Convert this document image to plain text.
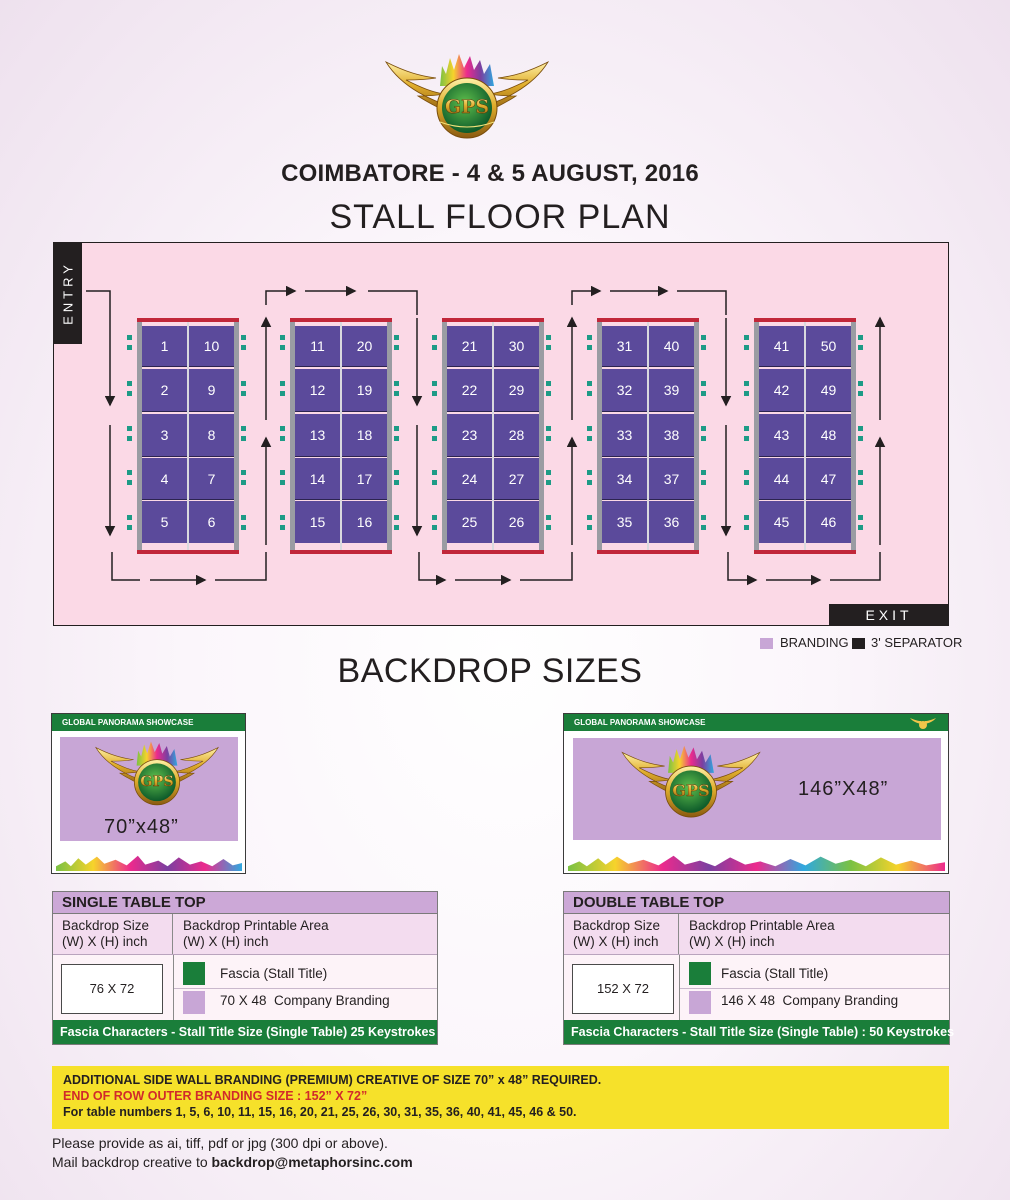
GPS
COIMBATORE - 4 & 5 AUGUST, 2016
STALL FLOOR PLAN
ENTRY
EXIT
1
2
3
4
5
10
9
8
7
6
11
12
13
14
15
20
19
18
17
16
21
22
23
24
25
30
29
28
27
26
31
32
33
34
35
40
39
38
37
36
41
42
43
44
45
50
49
48
47
46
BRANDING 3' SEPARATOR
BACKDROP SIZES
GLOBAL PANORAMA SHOWCASE
GPS
70”x48”
GLOBAL PANORAMA SHOWCASE
GPS	146”X48”
SINGLE TABLE TOP
Backdrop Size
(W) X (H) inch
Backdrop Printable Area
(W) X (H) inch
76 X 72
Fascia (Stall Title)
70 X 48  Company Branding
Fascia Characters - Stall Title Size (Single Table) 25 Keystrokes
DOUBLE TABLE TOP
Backdrop Size
(W) X (H) inch
Backdrop Printable Area
(W) X (H) inch
152 X 72
Fascia (Stall Title)
146 X 48  Company Branding
Fascia Characters - Stall Title Size (Single Table) : 50 Keystrokes
ADDITIONAL SIDE WALL BRANDING (PREMIUM) CREATIVE OF SIZE 70” x 48” REQUIRED.
END OF ROW OUTER BRANDING SIZE : 152” X 72”
For table numbers 1, 5, 6, 10, 11, 15, 16, 20, 21, 25, 26, 30, 31, 35, 36, 40, 41, 45, 46 & 50.
Please provide as ai, tiff, pdf or jpg (300 dpi or above).
Mail backdrop creative to backdrop@metaphorsinc.com
